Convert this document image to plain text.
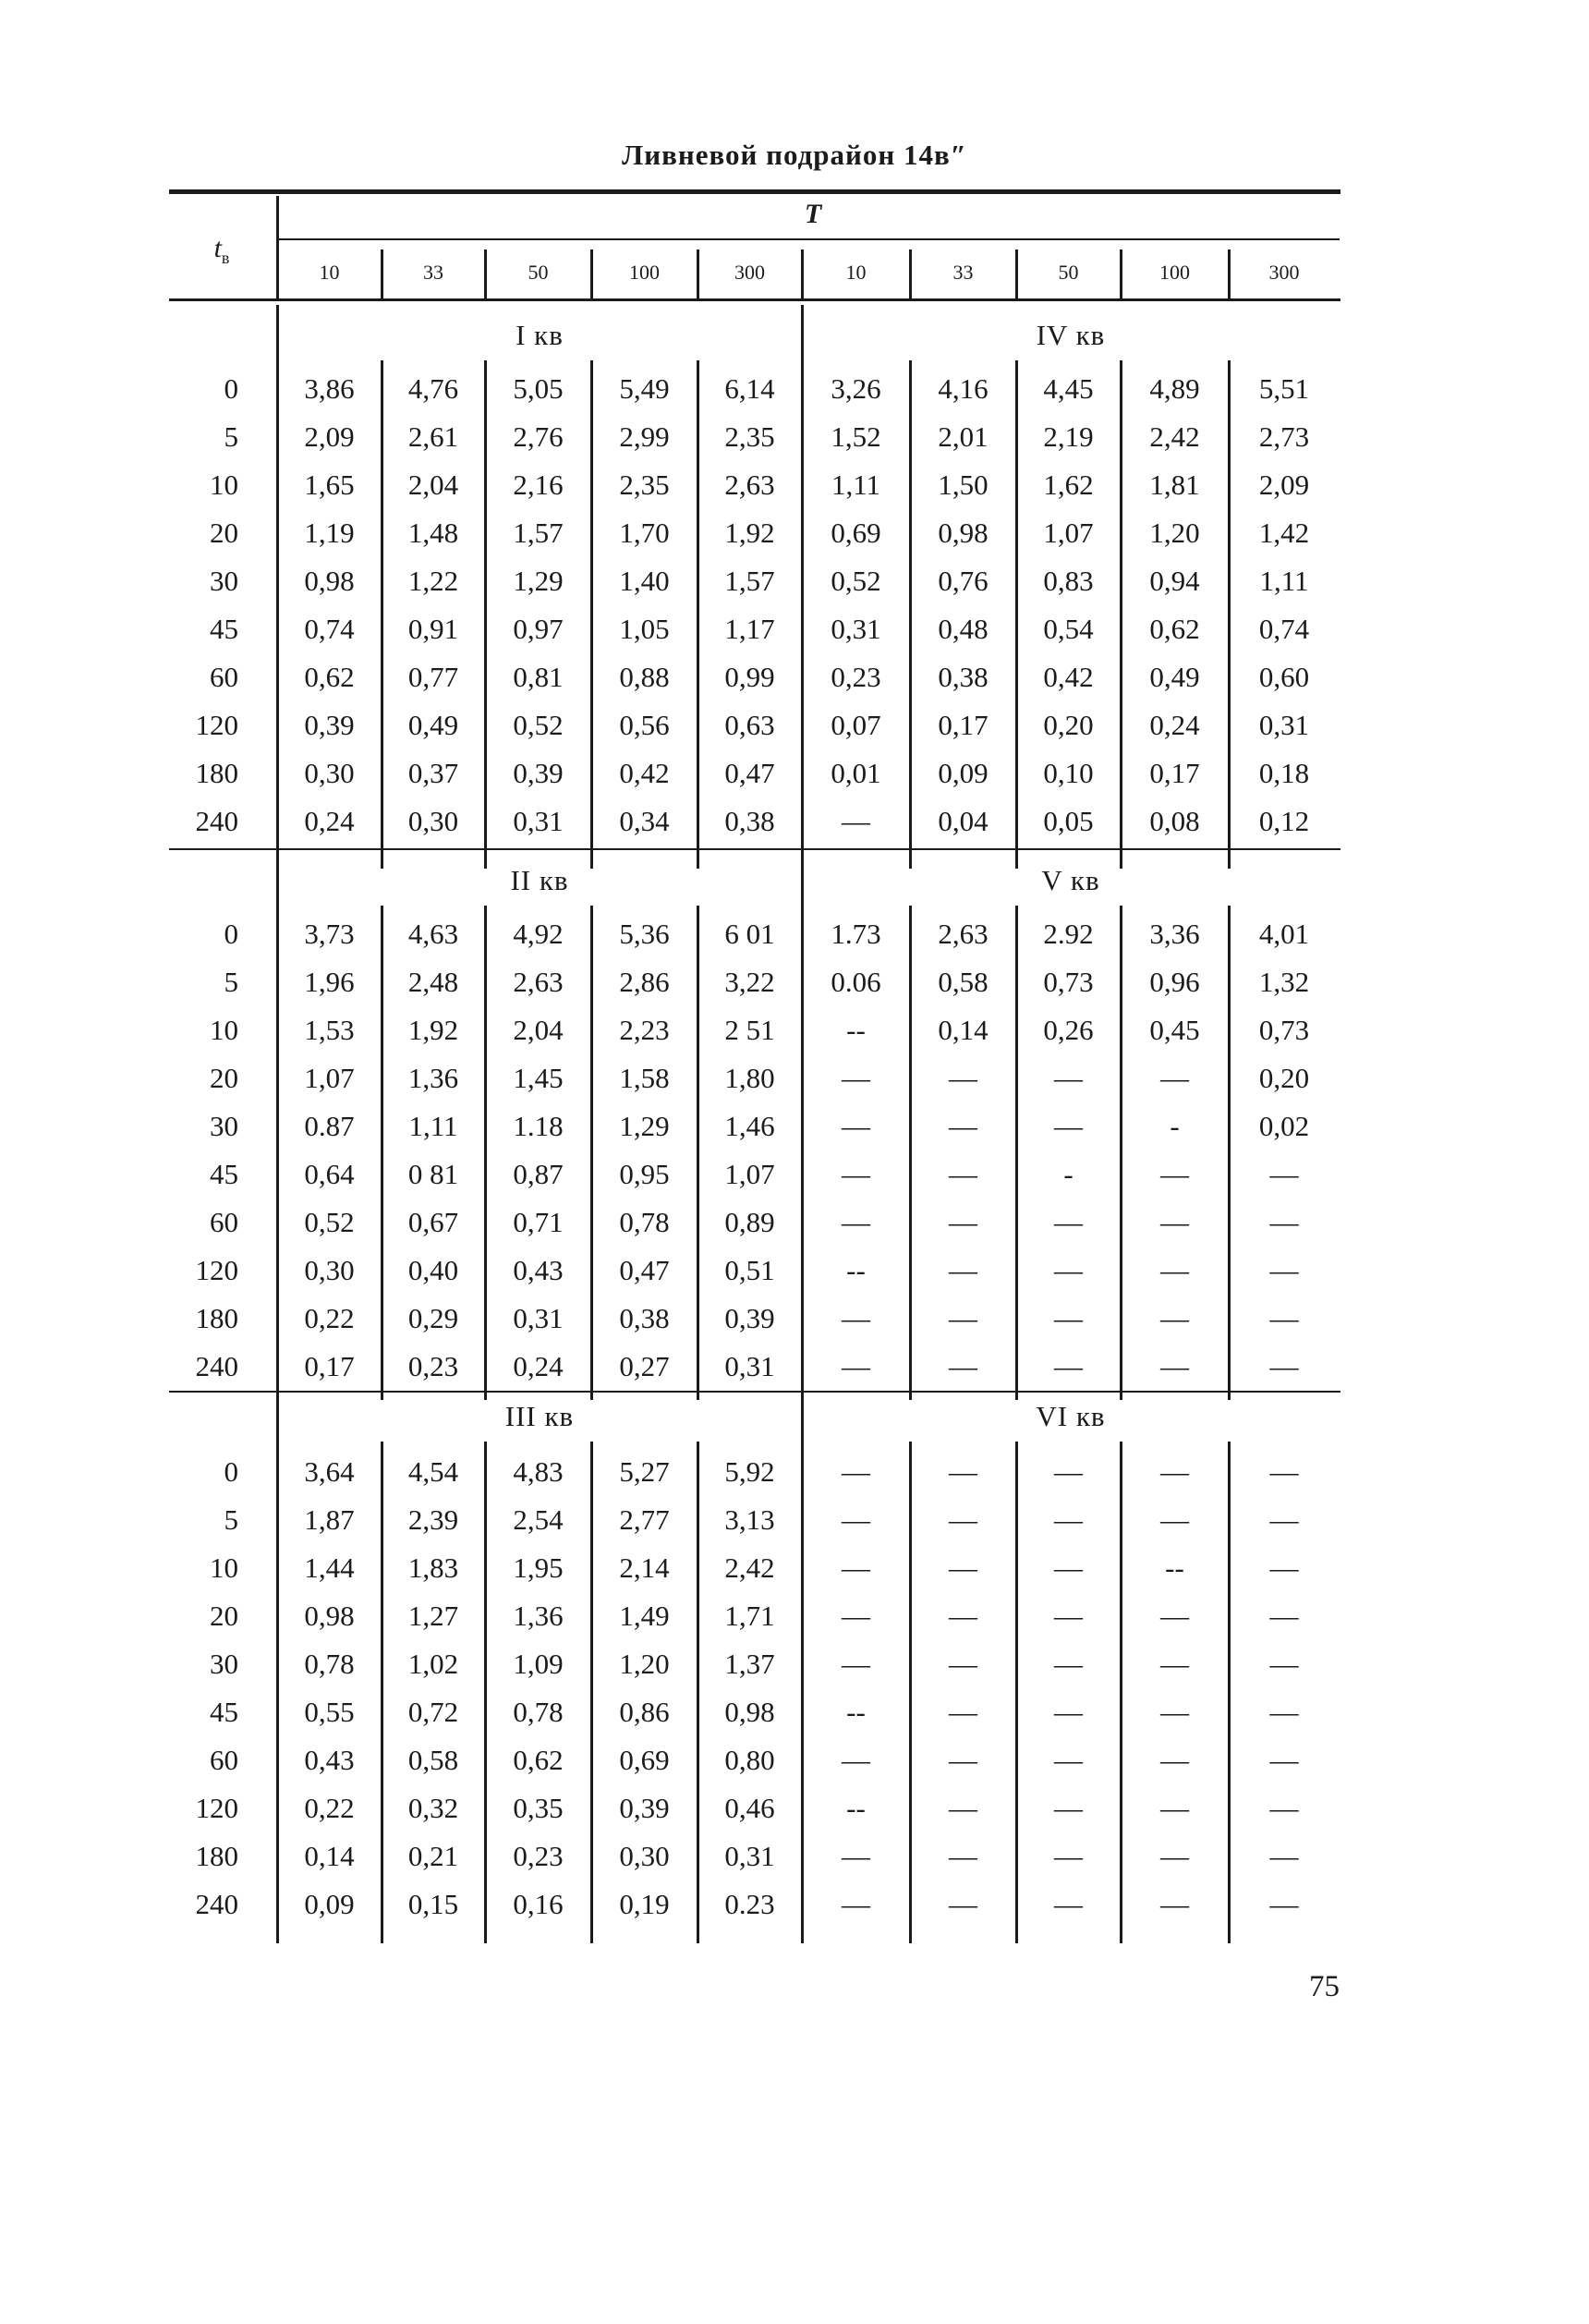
Ливневой подрайон 14в″
$t_в$
T
10	33	50	100	300	10	33	50	100	300
I кв	IV кв
0	3,86	4,76	5,05	5,49	6,14	3,26	4,16	4,45	4,89	5,51
5	2,09	2,61	2,76	2,99	2,35	1,52	2,01	2,19	2,42	2,73
10	1,65	2,04	2,16	2,35	2,63	1,11	1,50	1,62	1,81	2,09
20	1,19	1,48	1,57	1,70	1,92	0,69	0,98	1,07	1,20	1,42
30	0,98	1,22	1,29	1,40	1,57	0,52	0,76	0,83	0,94	1,11
45	0,74	0,91	0,97	1,05	1,17	0,31	0,48	0,54	0,62	0,74
60	0,62	0,77	0,81	0,88	0,99	0,23	0,38	0,42	0,49	0,60
120	0,39	0,49	0,52	0,56	0,63	0,07	0,17	0,20	0,24	0,31
180	0,30	0,37	0,39	0,42	0,47	0,01	0,09	0,10	0,17	0,18
240	0,24	0,30	0,31	0,34	0,38	—	0,04	0,05	0,08	0,12
II кв	V кв
0	3,73	4,63	4,92	5,36	6 01	1.73	2,63	2.92	3,36	4,01
5	1,96	2,48	2,63	2,86	3,22	0.06	0,58	0,73	0,96	1,32
10	1,53	1,92	2,04	2,23	2 51	--	0,14	0,26	0,45	0,73
20	1,07	1,36	1,45	1,58	1,80	—	—	—	—	0,20
30	0.87	1,11	1.18	1,29	1,46	—	—	—	-	0,02
45	0,64	0 81	0,87	0,95	1,07	—	—	-	—	—
60	0,52	0,67	0,71	0,78	0,89	—	—	—	—	—
120	0,30	0,40	0,43	0,47	0,51	--	—	—	—	—
180	0,22	0,29	0,31	0,38	0,39	—	—	—	—	—
240	0,17	0,23	0,24	0,27	0,31	—	—	—	—	—
III кв	VI кв
0	3,64	4,54	4,83	5,27	5,92	—	—	—	—	—
5	1,87	2,39	2,54	2,77	3,13	—	—	—	—	—
10	1,44	1,83	1,95	2,14	2,42	—	—	—	--	—
20	0,98	1,27	1,36	1,49	1,71	—	—	—	—	—
30	0,78	1,02	1,09	1,20	1,37	—	—	—	—	—
45	0,55	0,72	0,78	0,86	0,98	--	—	—	—	—
60	0,43	0,58	0,62	0,69	0,80	—	—	—	—	—
120	0,22	0,32	0,35	0,39	0,46	--	—	—	—	—
180	0,14	0,21	0,23	0,30	0,31	—	—	—	—	—
240	0,09	0,15	0,16	0,19	0.23	—	—	—	—	—
75
